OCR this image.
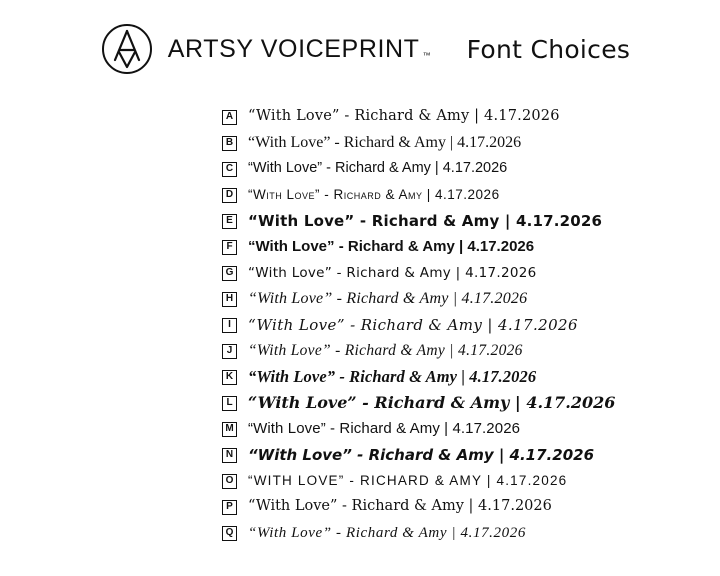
ARTSY VOICEPRINT ™ Font Choices
A “With Love” - Richard & Amy | 4.17.2026
B “With Love” - Richard & Amy | 4.17.2026
C “With Love” - Richard & Amy | 4.17.2026
D “With Love” - Richard & Amy | 4.17.2026
E “With Love” - Richard & Amy | 4.17.2026
F “With Love” - Richard & Amy | 4.17.2026
G “With Love” - Richard & Amy | 4.17.2026
H “With Love” - Richard & Amy | 4.17.2026
I	“With Love” - Richard & Amy | 4.17.2026
J	“With Love” - Richard & Amy | 4.17.2026
K “With Love” - Richard & Amy | 4.17.2026
L “With Love” - Richard & Amy | 4.17.2026
M “With Love” - Richard & Amy | 4.17.2026
N “With Love” - Richard & Amy | 4.17.2026
O “WITH LOVE” - RICHARD & AMY | 4.17.2026
P “With Love” - Richard & Amy | 4.17.2026
Q “With Love” - Richard & Amy | 4.17.2026
